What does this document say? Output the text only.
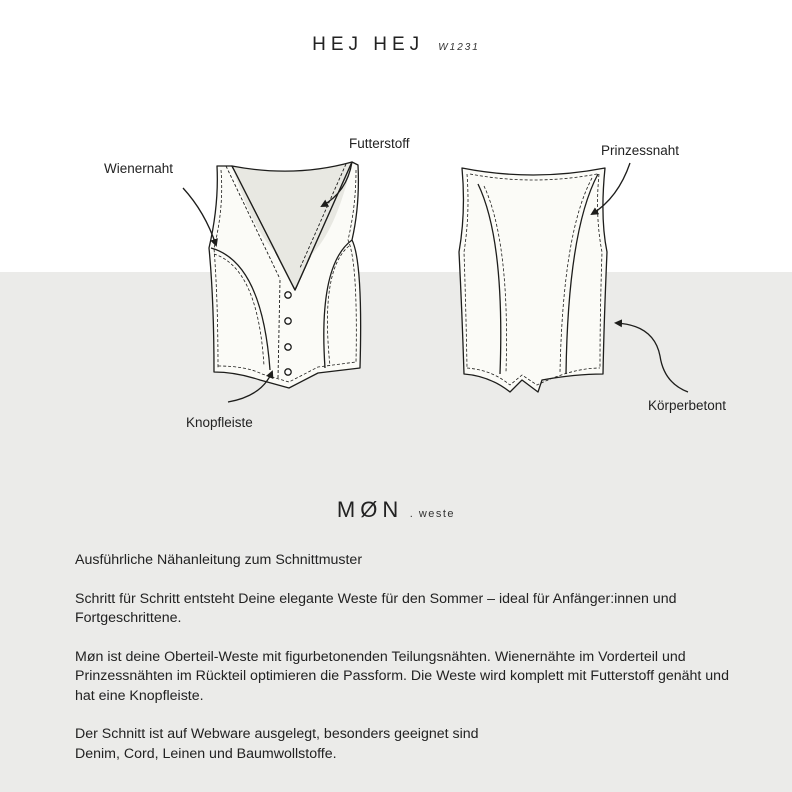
HEJ HEJ W1231
Futterstoff
Wienernaht
Prinzessnaht
Knopfleiste
Körperbetont
MØN . weste

Ausführliche Nähanleitung zum Schnittmuster

Schritt für Schritt entsteht Deine elegante Weste für den Sommer – ideal für Anfänger:innen und Fortgeschrittene.

Møn ist deine Oberteil-Weste mit figurbetonenden Teilungsnähten. Wienernähte im Vorderteil und Prinzessnähten im Rückteil optimieren die Passform. Die Weste wird komplett mit Futterstoff genäht und hat eine Knopfleiste.

Der Schnitt ist auf Webware ausgelegt, besonders geeignet sind
Denim, Cord, Leinen und Baumwollstoffe.
